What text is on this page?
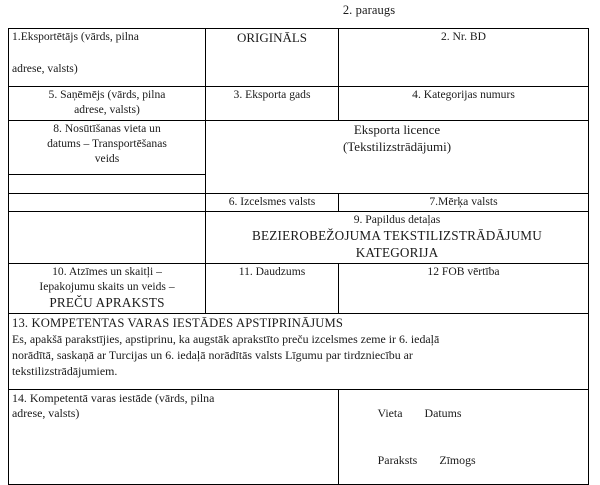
2. paraugs
1.Eksportētājs (vārds, pilna
adrese, valsts)	ORIGINĀLS	2. Nr. BD

5. Saņēmējs (vārds, pilna
adrese, valsts)	3. Eksporta gads	4. Kategorijas numurs

8. Nosūtīšanas vieta un
datums – Transportēšanas
veids

Eksporta licence
(Tekstilizstrādājumi)

	6. Izcelsmes valsts	7.Mērķa valsts

	9. Papildus detaļas
BEZIEROBEŽOJUMA TEKSTILIZSTRĀDĀJUMU
KATEGORIJA	

10. Atzīmes un skaitļi –
Iepakojumu skaits un veids –
PREČU APRAKSTS	11. Daudzums	12 FOB vērtība

13. KOMPETENTAS VARAS IESTĀDES APSTIPRINĀJUMS
Es, apakšā parakstījies, apstiprinu, ka augstāk aprakstīto preču izcelsmes zeme ir 6. iedaļā
norādītā, saskaņā ar Turcijas un 6. iedaļā norādītās valsts Līgumu par tirdzniecību ar
tekstilizstrādājumiem.		

14. Kompetentā varas iestāde (vārds, pilna
adrese, valsts)	Vieta Datums

Paraksts Zīmogs
